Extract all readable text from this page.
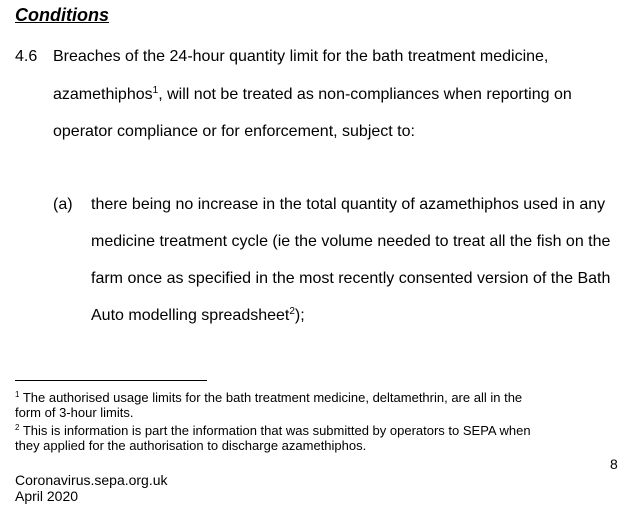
Conditions
4.6 Breaches of the 24-hour quantity limit for the bath treatment medicine,
azamethiphos$^1$, will not be treated as non-compliances when reporting on
operator compliance or for enforcement, subject to:
(a) there being no increase in the total quantity of azamethiphos used in any
medicine treatment cycle (ie the volume needed to treat all the fish on the
farm once as specified in the most recently consented version of the Bath
Auto modelling spreadsheet$^2$);
$^1$ The authorised usage limits for the bath treatment medicine, deltamethrin, are all in the
form of 3-hour limits.
$^2$ This is information is part the information that was submitted by operators to SEPA when
they applied for the authorisation to discharge azamethiphos.
8
Coronavirus.sepa.org.uk
April 2020
